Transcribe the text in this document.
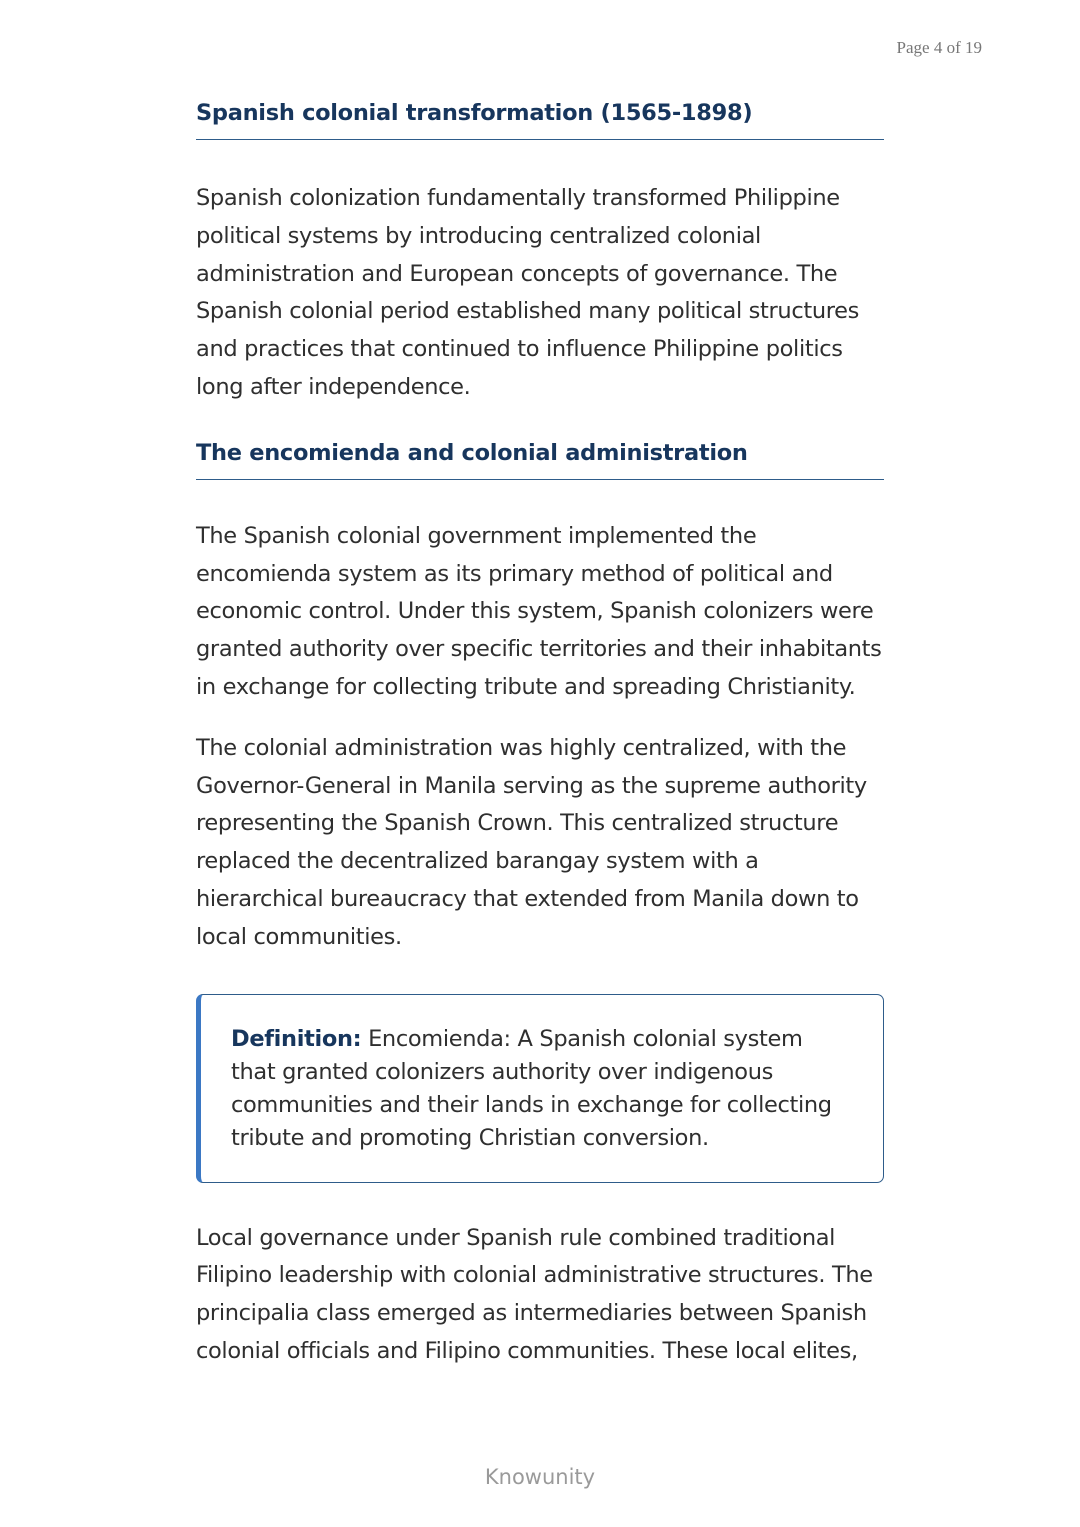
Page 4 of 19
Spanish colonial transformation (1565-1898)

Spanish colonization fundamentally transformed Philippine political systems by introducing centralized colonial administration and European concepts of governance. The Spanish colonial period established many political structures and practices that continued to influence Philippine politics long after independence.

The encomienda and colonial administration

The Spanish colonial government implemented the encomienda system as its primary method of political and economic control. Under this system, Spanish colonizers were granted authority over specific territories and their inhabitants in exchange for collecting tribute and spreading Christianity.

The colonial administration was highly centralized, with the Governor-General in Manila serving as the supreme authority representing the Spanish Crown. This centralized structure replaced the decentralized barangay system with a hierarchical bureaucracy that extended from Manila down to local communities.

Definition: Encomienda: A Spanish colonial system that granted colonizers authority over indigenous communities and their lands in exchange for collecting tribute and promoting Christian conversion.

Local governance under Spanish rule combined traditional Filipino leadership with colonial administrative structures. The principalia class emerged as intermediaries between Spanish colonial officials and Filipino communities. These local elites,

Knowunity
